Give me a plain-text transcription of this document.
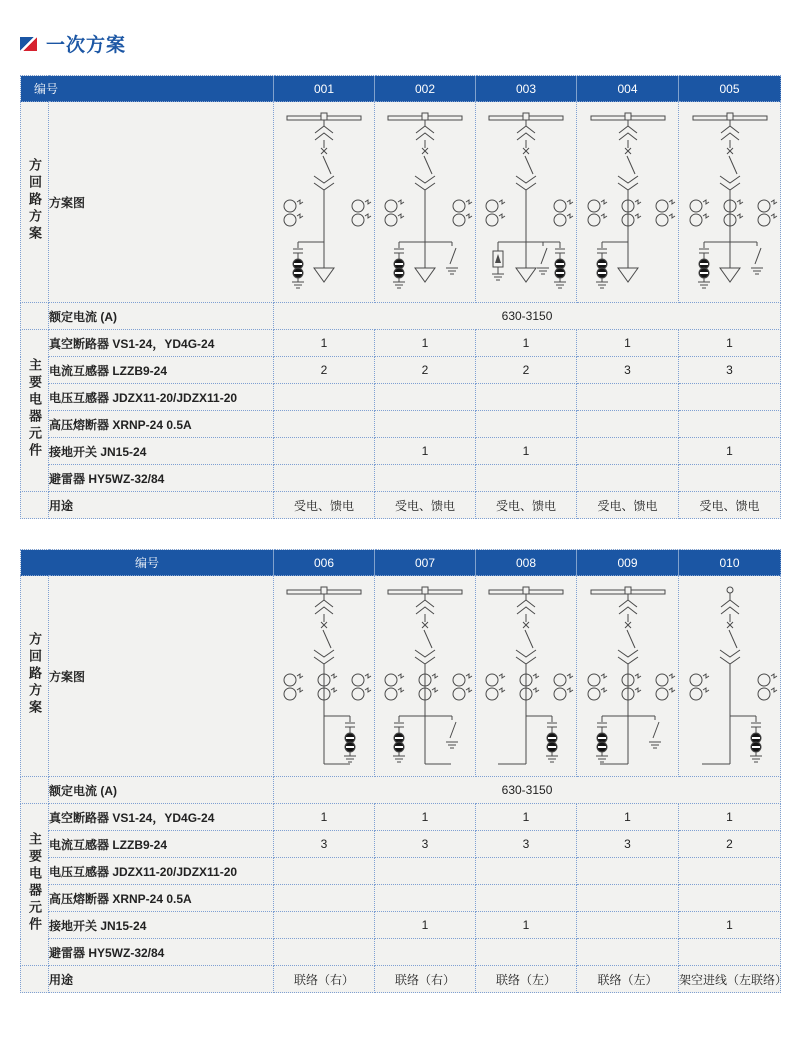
一次方案
编号		001	002	003	004	005
方回路方案	方案图	

	额定电流 (A)	630-3150				
主要电器元件	真空断路器 VS1-24，YD4G-24	1	1	1	1	1
	电流互感器 LZZB9-24	2	2	2	3	3
	电压互感器 JDZX11-20/JDZX11-20					
	高压熔断器 XRNP-24 0.5A					
	接地开关 JN15-24		1	1		1
	避雷器 HY5WZ-32/84					
	用途	受电、馈电	受电、馈电	受电、馈电	受电、馈电	受电、馈电
编号		006	007	008	009	010
方回路方案	方案图	

	额定电流 (A)	630-3150				
主要电器元件	真空断路器 VS1-24，YD4G-24	1	1	1	1	1
	电流互感器 LZZB9-24	3	3	3	3	2
	电压互感器 JDZX11-20/JDZX11-20					
	高压熔断器 XRNP-24 0.5A					
	接地开关 JN15-24		1	1		1
	避雷器 HY5WZ-32/84					
	用途	联络（右）	联络（右）	联络（左）	联络（左）	架空进线（左联络）
